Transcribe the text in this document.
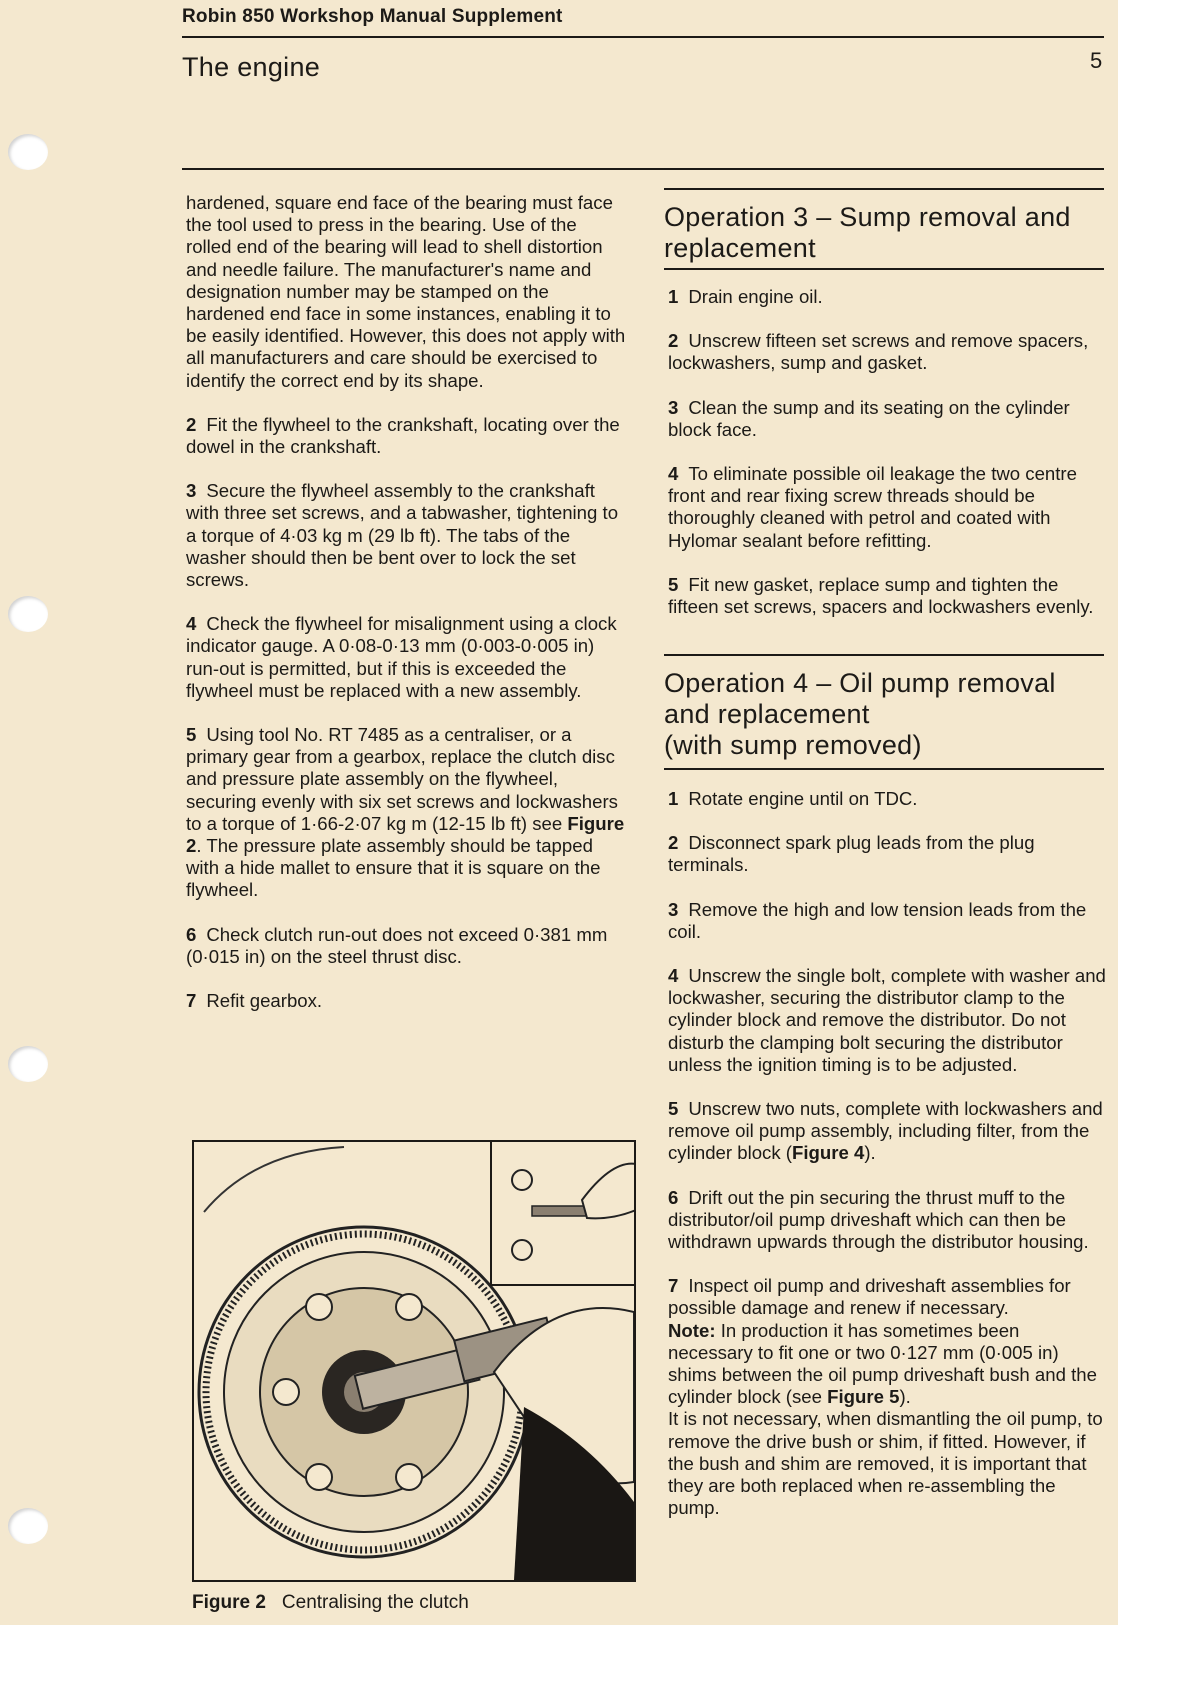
Robin 850 Workshop Manual Supplement
The engine	5

hardened, square end face of the bearing must face the tool used to press in the bearing. Use of the rolled end of the bearing will lead to shell distortion and needle failure. The manufacturer's name and designation number may be stamped on the hardened end face in some instances, enabling it to be easily identified. However, this does not apply with all manufacturers and care should be exercised to identify the correct end by its shape.

2 Fit the flywheel to the crankshaft, locating over the dowel in the crankshaft.

3 Secure the flywheel assembly to the crankshaft with three set screws, and a tabwasher, tightening to a torque of 4·03 kg m (29 lb ft). The tabs of the washer should then be bent over to lock the set screws.

4 Check the flywheel for misalignment using a clock indicator gauge. A 0·08-0·13 mm (0·003-0·005 in) run-out is permitted, but if this is exceeded the flywheel must be replaced with a new assembly.

5 Using tool No. RT 7485 as a centraliser, or a primary gear from a gearbox, replace the clutch disc and pressure plate assembly on the flywheel, securing evenly with six set screws and lockwashers to a torque of 1·66-2·07 kg m (12-15 lb ft) see Figure 2. The pressure plate assembly should be tapped with a hide mallet to ensure that it is square on the flywheel.

6 Check clutch run-out does not exceed 0·381 mm (0·015 in) on the steel thrust disc.

7 Refit gearbox.

Figure 2 Centralising the clutch
Operation 3 – Sump removal and replacement

1 Drain engine oil.

2 Unscrew fifteen set screws and remove spacers, lockwashers, sump and gasket.

3 Clean the sump and its seating on the cylinder block face.

4 To eliminate possible oil leakage the two centre front and rear fixing screw threads should be thoroughly cleaned with petrol and coated with Hylomar sealant before refitting.

5 Fit new gasket, replace sump and tighten the fifteen set screws, spacers and lockwashers evenly.

Operation 4 – Oil pump removal
and replacement
(with sump removed)

1 Rotate engine until on TDC.

2 Disconnect spark plug leads from the plug terminals.

3 Remove the high and low tension leads from the coil.

4 Unscrew the single bolt, complete with washer and lockwasher, securing the distributor clamp to the cylinder block and remove the distributor. Do not disturb the clamping bolt securing the distributor unless the ignition timing is to be adjusted.

5 Unscrew two nuts, complete with lockwashers and remove oil pump assembly, including filter, from the cylinder block (Figure 4).

6 Drift out the pin securing the thrust muff to the distributor/oil pump driveshaft which can then be withdrawn upwards through the distributor housing.

7 Inspect oil pump and driveshaft assemblies for possible damage and renew if necessary.
Note: In production it has sometimes been necessary to fit one or two 0·127 mm (0·005 in) shims between the oil pump driveshaft bush and the cylinder block (see Figure 5).
It is not necessary, when dismantling the oil pump, to remove the drive bush or shim, if fitted. However, if the bush and shim are removed, it is important that they are both replaced when re-assembling the pump.
